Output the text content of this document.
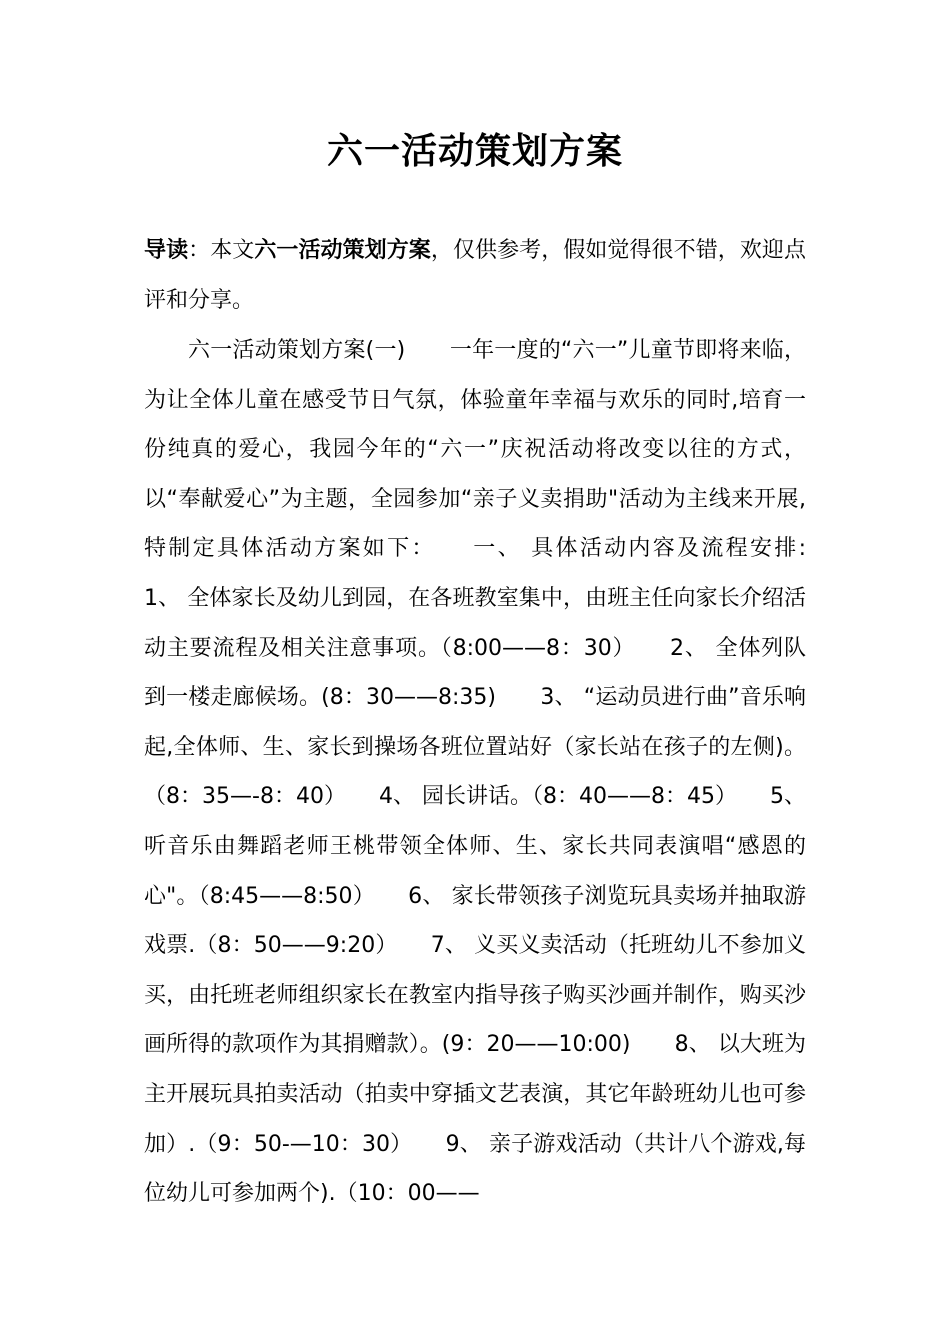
六一活动策划方案
导读：本文六一活动策划方案，仅供参考，假如觉得很不错，欢迎点评和分享。
六一活动策划方案(一)　　一年一度的“六一”儿童节即将来临，为让全体儿童在感受节日气氛，体验童年幸福与欢乐的同时,培育一份纯真的爱心，我园今年的“六一”庆祝活动将改变以往的方式，以“奉献爱心”为主题，全园参加“亲子义卖捐助"活动为主线来开展,特制定具体活动方案如下：　　一、 具体活动内容及流程安排:　　1、 全体家长及幼儿到园，在各班教室集中，由班主任向家长介绍活动主要流程及相关注意事项。（8:00——8：30）　　2、 全体列队到一楼走廊候场。(8：30——8:35)　　3、 “运动员进行曲”音乐响起,全体师、生、家长到操场各班位置站好（家长站在孩子的左侧)。（8：35—-8：40）　　4、 园长讲话。（8：40——8：45）　　5、 听音乐由舞蹈老师王桃带领全体师、生、家长共同表演唱“感恩的心"。（8:45——8:50）　　6、 家长带领孩子浏览玩具卖场并抽取游戏票.（8：50——9:20）　　7、 义买义卖活动（托班幼儿不参加义买，由托班老师组织家长在教室内指导孩子购买沙画并制作，购买沙画所得的款项作为其捐赠款）。(9：20——10:00)　　8、 以大班为主开展玩具拍卖活动（拍卖中穿插文艺表演，其它年龄班幼儿也可参加）.（9：50-—10：30）　　9、 亲子游戏活动（共计八个游戏,每位幼儿可参加两个).（10：00——
